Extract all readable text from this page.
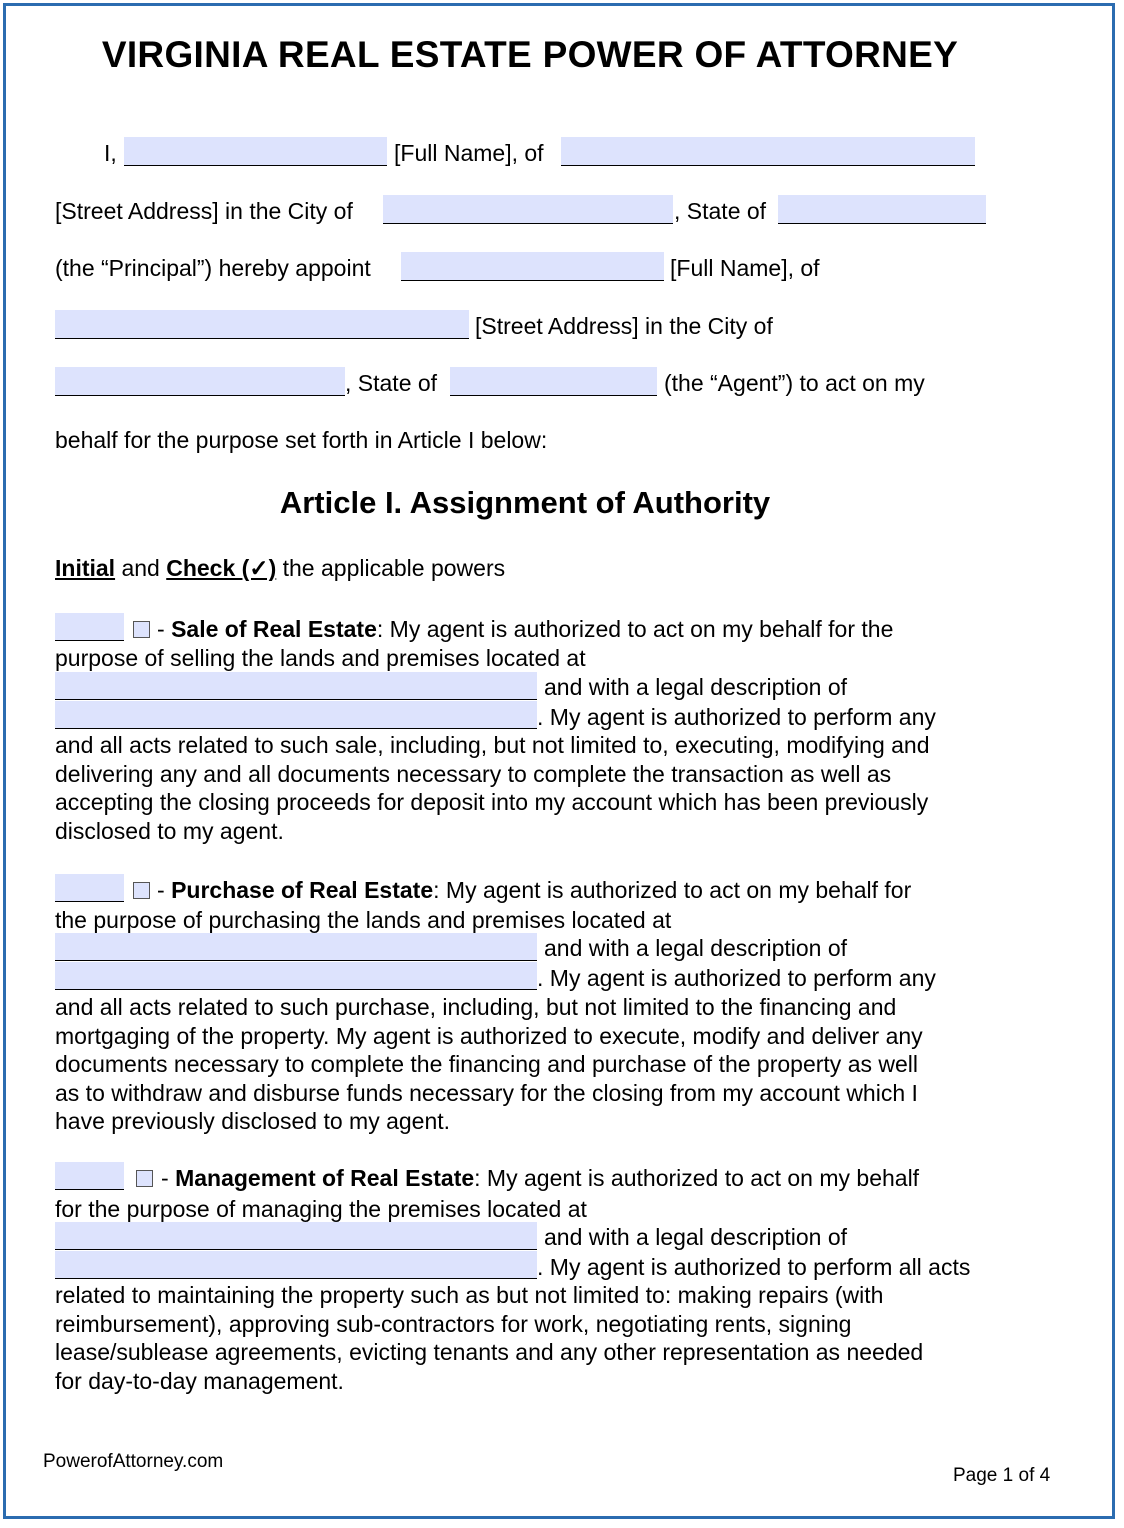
VIRGINIA REAL ESTATE POWER OF ATTORNEY
I,	[Full Name], of
[Street Address] in the City of	, State of
(the “Principal”) hereby appoint	[Full Name], of
[Street Address] in the City of
, State of	(the “Agent”) to act on my
behalf for the purpose set forth in Article I below:
Article I. Assignment of Authority
Initial and Check (✓) the applicable powers
- Sale of Real Estate: My agent is authorized to act on my behalf for the
purpose of selling the lands and premises located at
and with a legal description of
. My agent is authorized to perform any
and all acts related to such sale, including, but not limited to, executing, modifying and
delivering any and all documents necessary to complete the transaction as well as
accepting the closing proceeds for deposit into my account which has been previously
disclosed to my agent.
- Purchase of Real Estate: My agent is authorized to act on my behalf for
the purpose of purchasing the lands and premises located at
and with a legal description of
. My agent is authorized to perform any
and all acts related to such purchase, including, but not limited to the financing and
mortgaging of the property. My agent is authorized to execute, modify and deliver any
documents necessary to complete the financing and purchase of the property as well
as to withdraw and disburse funds necessary for the closing from my account which I
have previously disclosed to my agent.
- Management of Real Estate: My agent is authorized to act on my behalf
for the purpose of managing the premises located at
and with a legal description of
. My agent is authorized to perform all acts
related to maintaining the property such as but not limited to: making repairs (with
reimbursement), approving sub-contractors for work, negotiating rents, signing
lease/sublease agreements, evicting tenants and any other representation as needed
for day-to-day management.
PowerofAttorney.com
Page 1 of 4
